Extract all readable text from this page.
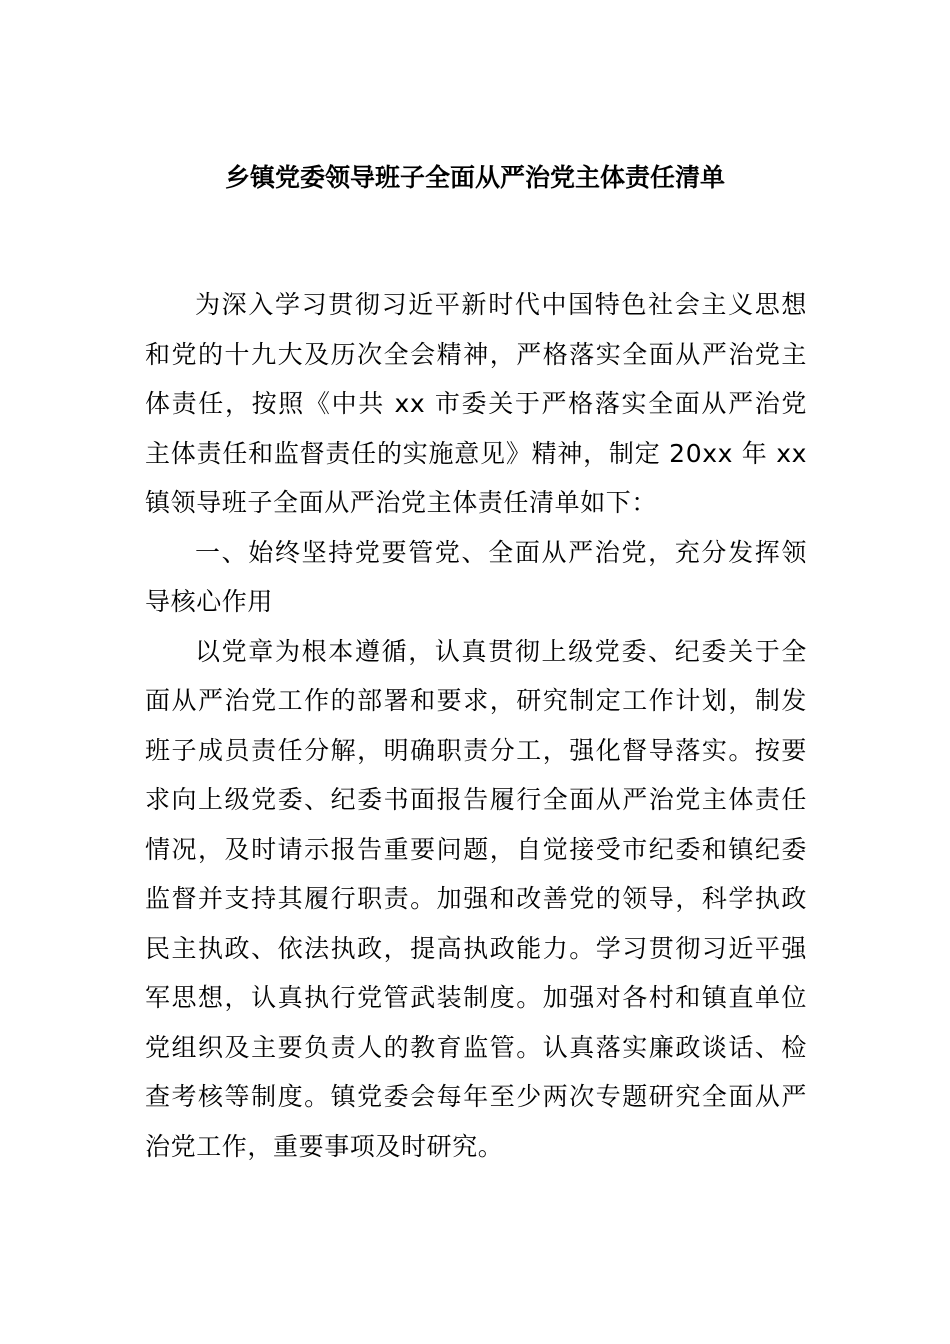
乡镇党委领导班子全面从严治党主体责任清单

为深入学习贯彻习近平新时代中国特色社会主义思想和党的十九大及历次全会精神，严格落实全面从严治党主体责任，按照《中共 xx 市委关于严格落实全面从严治党主体责任和监督责任的实施意见》精神，制定 20xx 年 xx 镇领导班子全面从严治党主体责任清单如下：

一、始终坚持党要管党、全面从严治党，充分发挥领导核心作用

以党章为根本遵循，认真贯彻上级党委、纪委关于全面从严治党工作的部署和要求，研究制定工作计划，制发班子成员责任分解，明确职责分工，强化督导落实。按要求向上级党委、纪委书面报告履行全面从严治党主体责任情况，及时请示报告重要问题，自觉接受市纪委和镇纪委监督并支持其履行职责。加强和改善党的领导，科学执政民主执政、依法执政，提高执政能力。学习贯彻习近平强军思想，认真执行党管武装制度。加强对各村和镇直单位党组织及主要负责人的教育监管。认真落实廉政谈话、检查考核等制度。镇党委会每年至少两次专题研究全面从严治党工作，重要事项及时研究。
